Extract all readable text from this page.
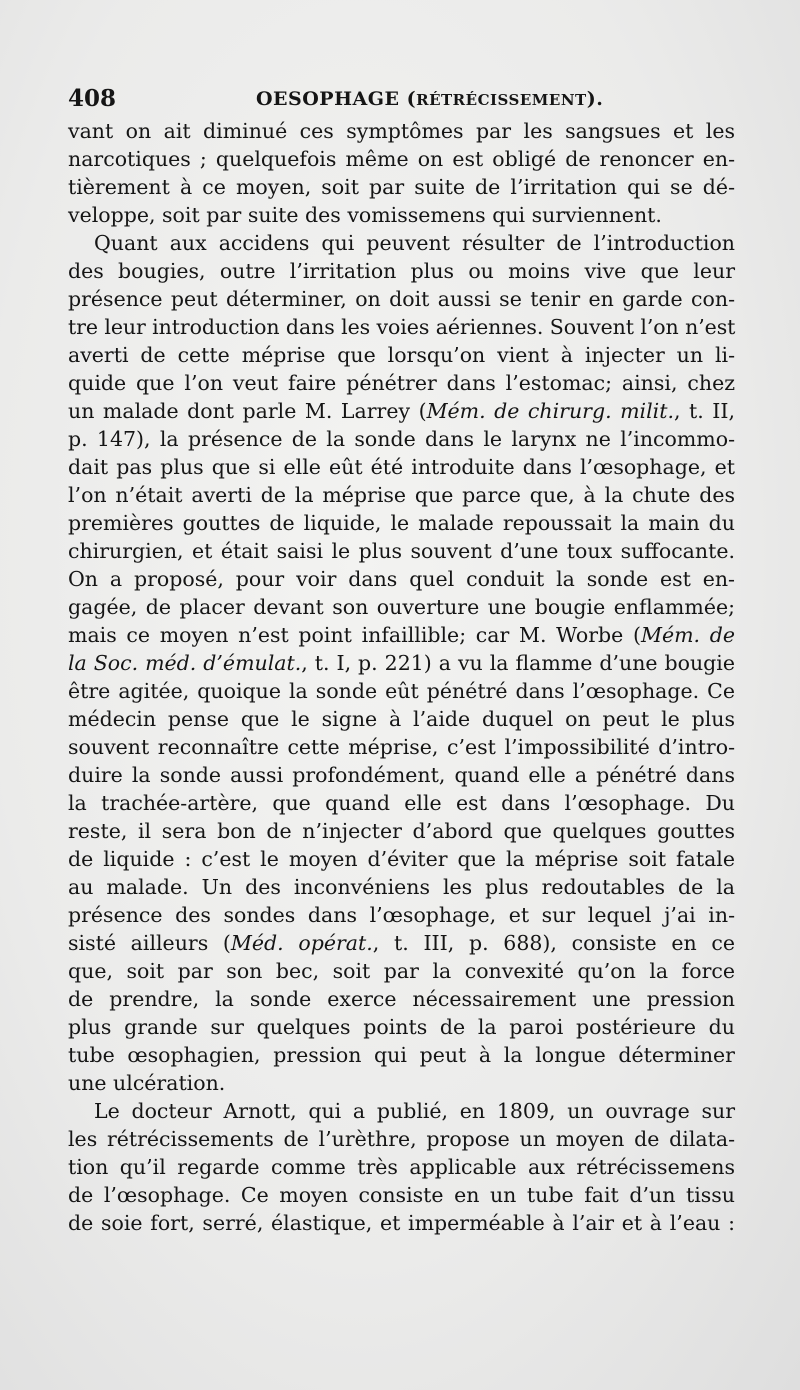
408	OESOPHAGE (RÉTRÉCISSEMENT).
vant on ait diminué ces symptômes par les sangsues et les
narcotiques ; quelquefois même on est obligé de renoncer en-
tièrement à ce moyen, soit par suite de l’irritation qui se dé-
veloppe, soit par suite des vomissemens qui surviennent.
Quant aux accidens qui peuvent résulter de l’introduction
des bougies, outre l’irritation plus ou moins vive que leur
présence peut déterminer, on doit aussi se tenir en garde con-
tre leur introduction dans les voies aériennes. Souvent l’on n’est
averti de cette méprise que lorsqu’on vient à injecter un li-
quide que l’on veut faire pénétrer dans l’estomac; ainsi, chez
un malade dont parle M. Larrey (Mém. de chirurg. milit., t. II,
p. 147), la présence de la sonde dans le larynx ne l’incommo-
dait pas plus que si elle eût été introduite dans l’œsophage, et
l’on n’était averti de la méprise que parce que, à la chute des
premières gouttes de liquide, le malade repoussait la main du
chirurgien, et était saisi le plus souvent d’une toux suffocante.
On a proposé, pour voir dans quel conduit la sonde est en-
gagée, de placer devant son ouverture une bougie enflammée;
mais ce moyen n’est point infaillible; car M. Worbe (Mém. de
la Soc. méd. d’émulat., t. I, p. 221) a vu la flamme d’une bougie
être agitée, quoique la sonde eût pénétré dans l’œsophage. Ce
médecin pense que le signe à l’aide duquel on peut le plus
souvent reconnaître cette méprise, c’est l’impossibilité d’intro-
duire la sonde aussi profondément, quand elle a pénétré dans
la trachée-artère, que quand elle est dans l’œsophage. Du
reste, il sera bon de n’injecter d’abord que quelques gouttes
de liquide : c’est le moyen d’éviter que la méprise soit fatale
au malade. Un des inconvéniens les plus redoutables de la
présence des sondes dans l’œsophage, et sur lequel j’ai in-
sisté ailleurs (Méd. opérat., t. III, p. 688), consiste en ce
que, soit par son bec, soit par la convexité qu’on la force
de prendre, la sonde exerce nécessairement une pression
plus grande sur quelques points de la paroi postérieure du
tube œsophagien, pression qui peut à la longue déterminer
une ulcération.
Le docteur Arnott, qui a publié, en 1809, un ouvrage sur
les rétrécissements de l’urèthre, propose un moyen de dilata-
tion qu’il regarde comme très applicable aux rétrécissemens
de l’œsophage. Ce moyen consiste en un tube fait d’un tissu
de soie fort, serré, élastique, et imperméable à l’air et à l’eau :
